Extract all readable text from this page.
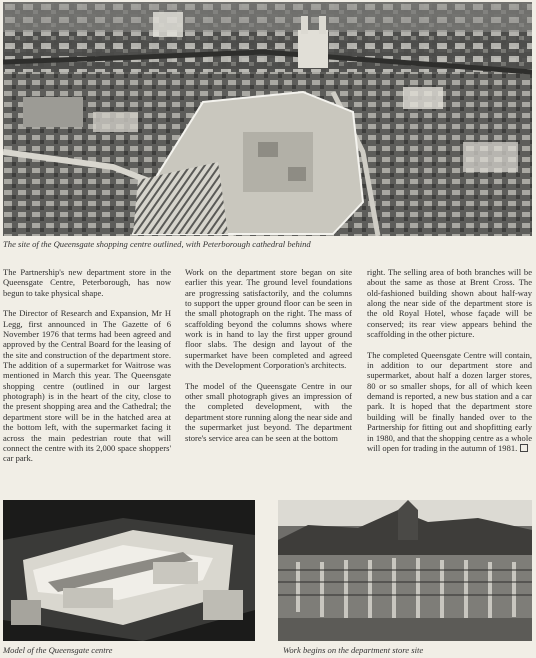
The site of the Queensgate shopping centre outlined, with Peterborough cathedral behind

The Partnership's new department store in the Queensgate Centre, Peterborough, has now begun to take physical shape.

The Director of Research and Expansion, Mr H Legg, first announced in The Gazette of 6 November 1976 that terms had been agreed and approved by the Central Board for the leasing of the site and construction of the department store. The addition of a supermarket for Waitrose was mentioned in March this year. The Queensgate shopping centre (outlined in our largest photograph) is in the heart of the city, close to the present shopping area and the Cathedral; the department store will be in the hatched area at the bottom left, with the supermarket facing it across the main pedestrian route that will connect the centre with its 2,000 space shoppers' car park.

Work on the department store began on site earlier this year. The ground level foundations are progressing satisfactorily, and the columns to support the upper ground floor can be seen in the small photograph on the right. The mass of scaffolding beyond the columns shows where work is in hand to lay the first upper ground floor slabs. The design and layout of the supermarket have been completed and agreed with the Development Corporation's architects.

The model of the Queensgate Centre in our other small photograph gives an impression of the completed development, with the department store running along the near side and the supermarket just beyond. The department store's service area can be seen at the bottom

right. The selling area of both branches will be about the same as those at Brent Cross. The old-fashioned building shown about half-way along the near side of the department store is the old Royal Hotel, whose façade will be conserved; its rear view appears behind the scaffolding in the other picture.

The completed Queensgate Centre will contain, in addition to our department store and supermarket, about half a dozen larger stores, 80 or so smaller shops, for all of which keen demand is reported, a new bus station and a car park. It is hoped that the department store building will be finally handed over to the Partnership for fitting out and shopfitting early in 1980, and that the shopping centre as a whole will open for trading in the autumn of 1981.

Model of the Queensgate centre	Work begins on the department store site
